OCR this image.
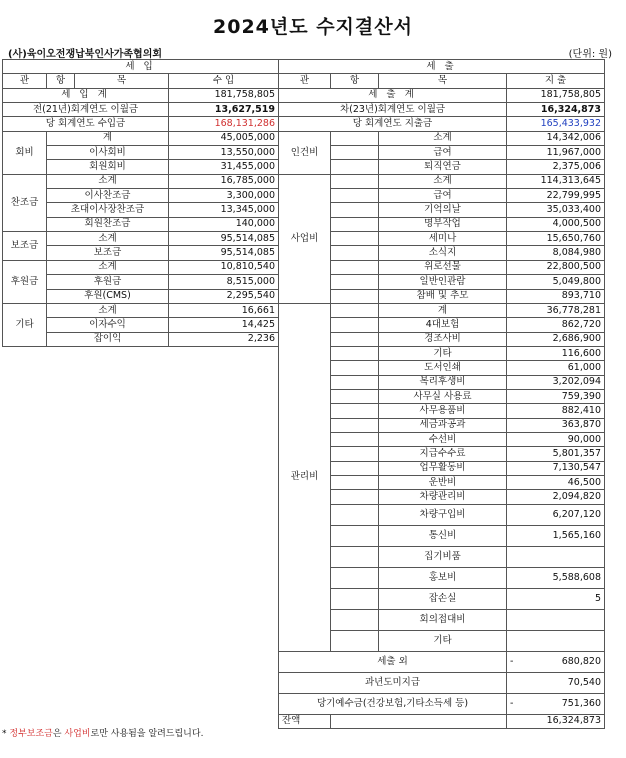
2024년도 수지결산서
(사)육이오전쟁납북인사가족협의회	(단위: 원)
세 입			
관	항	목	수 입
세 입 계			181,758,805
전(21년)회계연도 이월금			13,627,519
당 회계연도 수입금			168,131,286
회비	계		45,005,000
	이사회비		13,550,000
	회원회비		31,455,000
찬조금	소계		16,785,000
	이사찬조금		3,300,000
	초대이사장찬조금		13,345,000
	회원찬조금		140,000
보조금	소계		95,514,085
	보조금		95,514,085
후원금	소계		10,810,540
	후원금		8,515,000
	후원(CMS)		2,295,540
기타	소계		16,661
	이자수익		14,425
	잡이익		2,236
세 출			
관	항	목	지 출
세 출 계			181,758,805
차(23년)회계연도 이월금			16,324,873
당 회계연도 지출금			165,433,932
인건비		소계	14,342,006
		급여	11,967,000
		퇴직연금	2,375,006
사업비		소계	114,313,645
		급여	22,799,995
		기억의날	35,033,400
		명부작업	4,000,500
		세미나	15,650,760
		소식지	8,084,980
		위로선물	22,800,500
		일반인관람	5,049,800
		참배 및 추모	893,710
관리비		계	36,778,281
		4대보험	862,720
		경조사비	2,686,900
		기타	116,600
		도서인쇄	61,000
		복리후생비	3,202,094
		사무실 사용료	759,390
		사무용품비	882,410
		세금과공과	363,870
		수선비	90,000
		지급수수료	5,801,357
		업무활동비	7,130,547
		운반비	46,500
		차량관리비	2,094,820
		차량구입비	6,207,120
		통신비	1,565,160
		집기비품	
		홍보비	5,588,608
		잡손실	5
		회의접대비	
		기타	
세출 외			- 680,820

과년도미지급			70,540

당기예수금(건강보험,기타소득세 등)			- 751,360

잔액			16,324,873
* 정부보조금은 사업비로만 사용됨을 알려드립니다.
